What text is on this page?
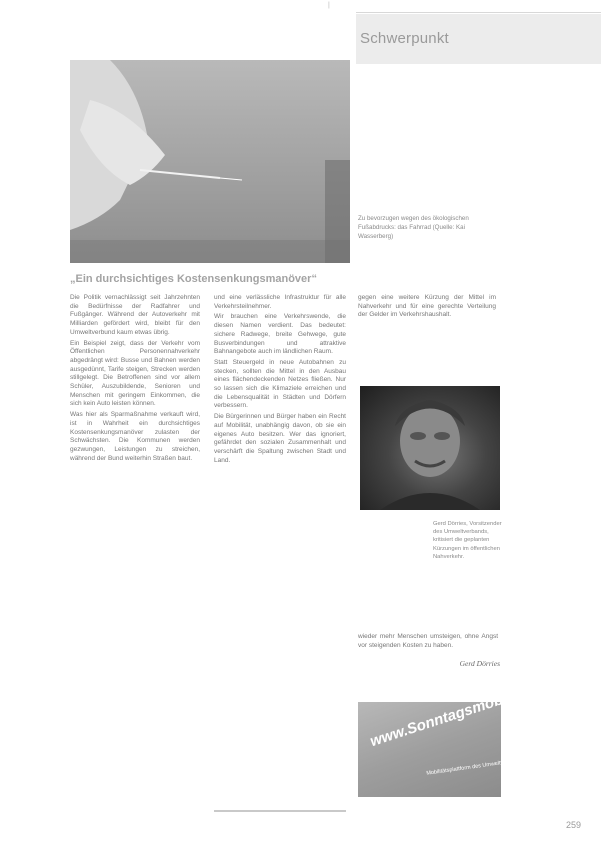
|
Schwerpunkt
Zu bevorzugen wegen des ökologischen Fußabdrucks: das Fahrrad (Quelle: Kai Wasserberg)
„Ein durchsichtiges Kostensenkungsmanöver“

Die Politik vernachlässigt seit Jahrzehnten die Bedürfnisse der Radfahrer und Fußgänger. Während der Autoverkehr mit Milliarden gefördert wird, bleibt für den Umweltverbund kaum etwas übrig.

Ein Beispiel zeigt, dass der Verkehr vom Öffentlichen Personennahverkehr abgedrängt wird: Busse und Bahnen werden ausgedünnt, Tarife steigen, Strecken werden stillgelegt. Die Betroffenen sind vor allem Schüler, Auszubildende, Senioren und Menschen mit geringem Einkommen, die sich kein Auto leisten können.

Was hier als Sparmaßnahme verkauft wird, ist in Wahrheit ein durchsichtiges Kostensenkungsmanöver zulasten der Schwächsten. Die Kommunen werden gezwungen, Leistungen zu streichen, während der Bund weiterhin Straßen baut.

und eine verlässliche Infrastruktur für alle Verkehrsteilnehmer.

Wir brauchen eine Verkehrswende, die diesen Namen verdient. Das bedeutet: sichere Radwege, breite Gehwege, gute Busverbindungen und attraktive Bahnangebote auch im ländlichen Raum.

Statt Steuergeld in neue Autobahnen zu stecken, sollten die Mittel in den Ausbau eines flächendeckenden Netzes fließen. Nur so lassen sich die Klimaziele erreichen und die Lebensqualität in Städten und Dörfern verbessern.

Die Bürgerinnen und Bürger haben ein Recht auf Mobilität, unabhängig davon, ob sie ein eigenes Auto besitzen. Wer das ignoriert, gefährdet den sozialen Zusammenhalt und verschärft die Spaltung zwischen Stadt und Land.

gegen eine weitere Kürzung der Mittel im Nahverkehr und für eine gerechte Verteilung der Gelder im Verkehrshaushalt.

Gerd Dörries, Vorsitzender des Umweltverbands, kritisiert die geplanten Kürzungen im öffentlichen Nahverkehr.

wieder mehr Menschen umsteigen, ohne Angst vor steigenden Kosten zu haben.

Gerd Dörries
www.Sonntagsmobil.org
Mobilitätsplattform des Umweltverbands
259
